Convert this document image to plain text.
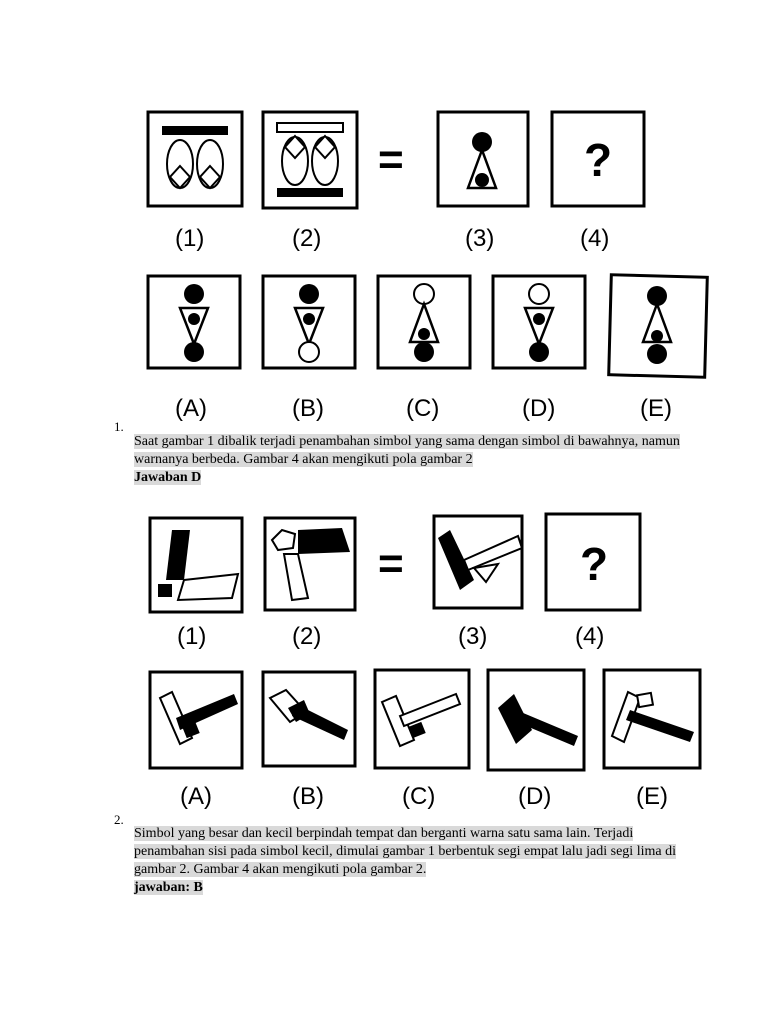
=	?
(1)	(2)	(3)	(4)
(A)	(B)	(C)	(D)	(E)
1.
Saat gambar 1 dibalik terjadi penambahan simbol yang sama dengan simbol di bawahnya, namun warnanya berbeda. Gambar 4 akan mengikuti pola gambar 2
Jawaban D
=	?
(1)	(2)	(3)	(4)
(A)	(B)	(C)	(D)	(E)
2.
Simbol yang besar dan kecil berpindah tempat dan berganti warna satu sama lain. Terjadi penambahan sisi pada simbol kecil, dimulai gambar 1 berbentuk segi empat lalu jadi segi lima di gambar 2. Gambar 4 akan mengikuti pola gambar 2.
jawaban: B
